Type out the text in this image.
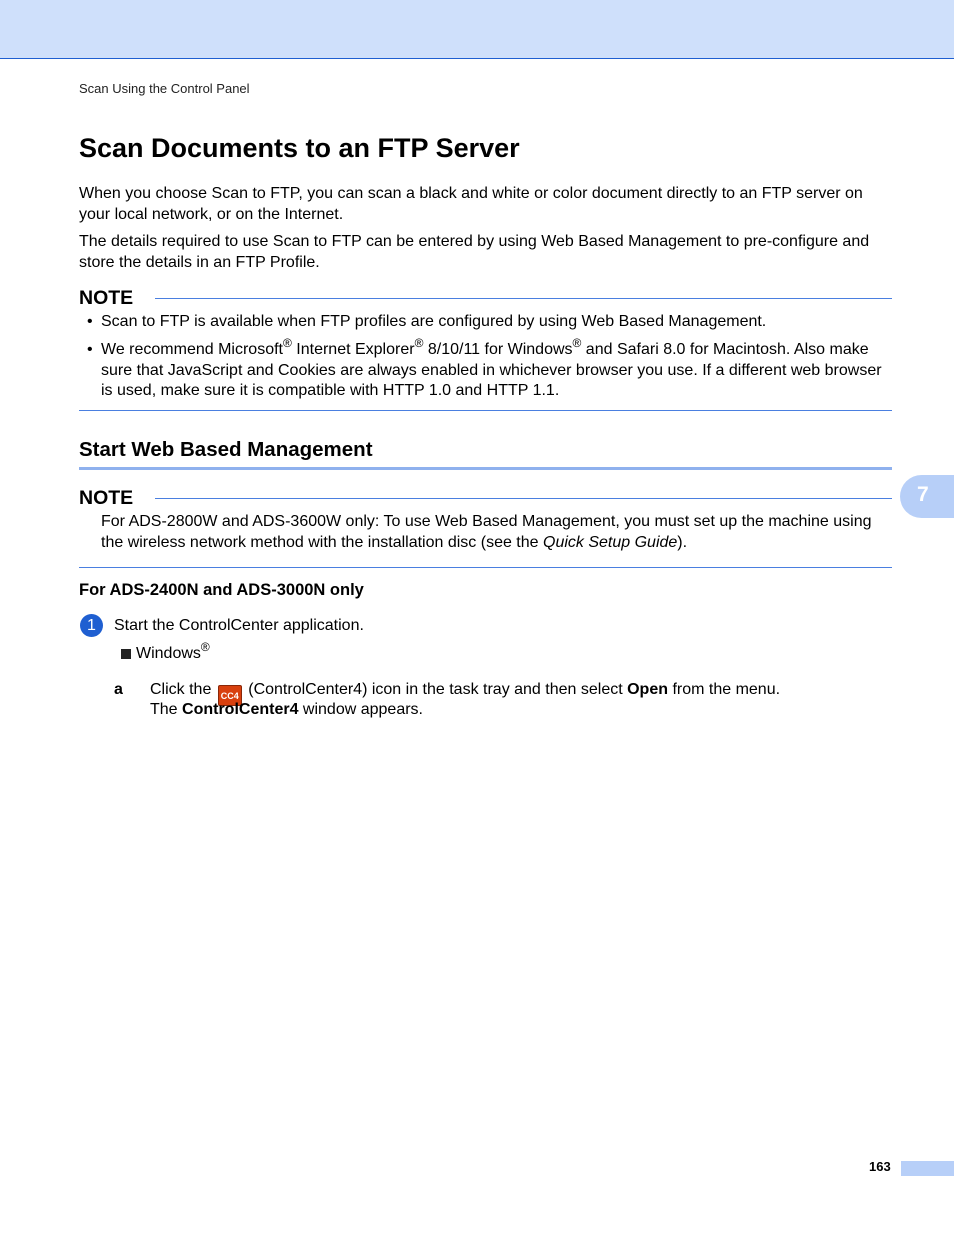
Scan Using the Control Panel
Scan Documents to an FTP Server

When you choose Scan to FTP, you can scan a black and white or color document directly to an FTP server on your local network, or on the Internet.

The details required to use Scan to FTP can be entered by using Web Based Management to pre-configure and store the details in an FTP Profile.

NOTE
• Scan to FTP is available when FTP profiles are configured by using Web Based Management.

• We recommend Microsoft® Internet Explorer® 8/10/11 for Windows® and Safari 8.0 for Macintosh. Also make sure that JavaScript and Cookies are always enabled in whichever browser you use. If a different web browser is used, make sure it is compatible with HTTP 1.0 and HTTP 1.1.

Start Web Based Management
7
NOTE

For ADS-2800W and ADS-3600W only: To use Web Based Management, you must set up the machine using the wireless network method with the installation disc (see the Quick Setup Guide).

For ADS-2400N and ADS-3000N only
1	Start the ControlCenter application.
Windows®
a Click the CC4 (ControlCenter4) icon in the task tray and then select Open from the menu.
The ControlCenter4 window appears.
163
